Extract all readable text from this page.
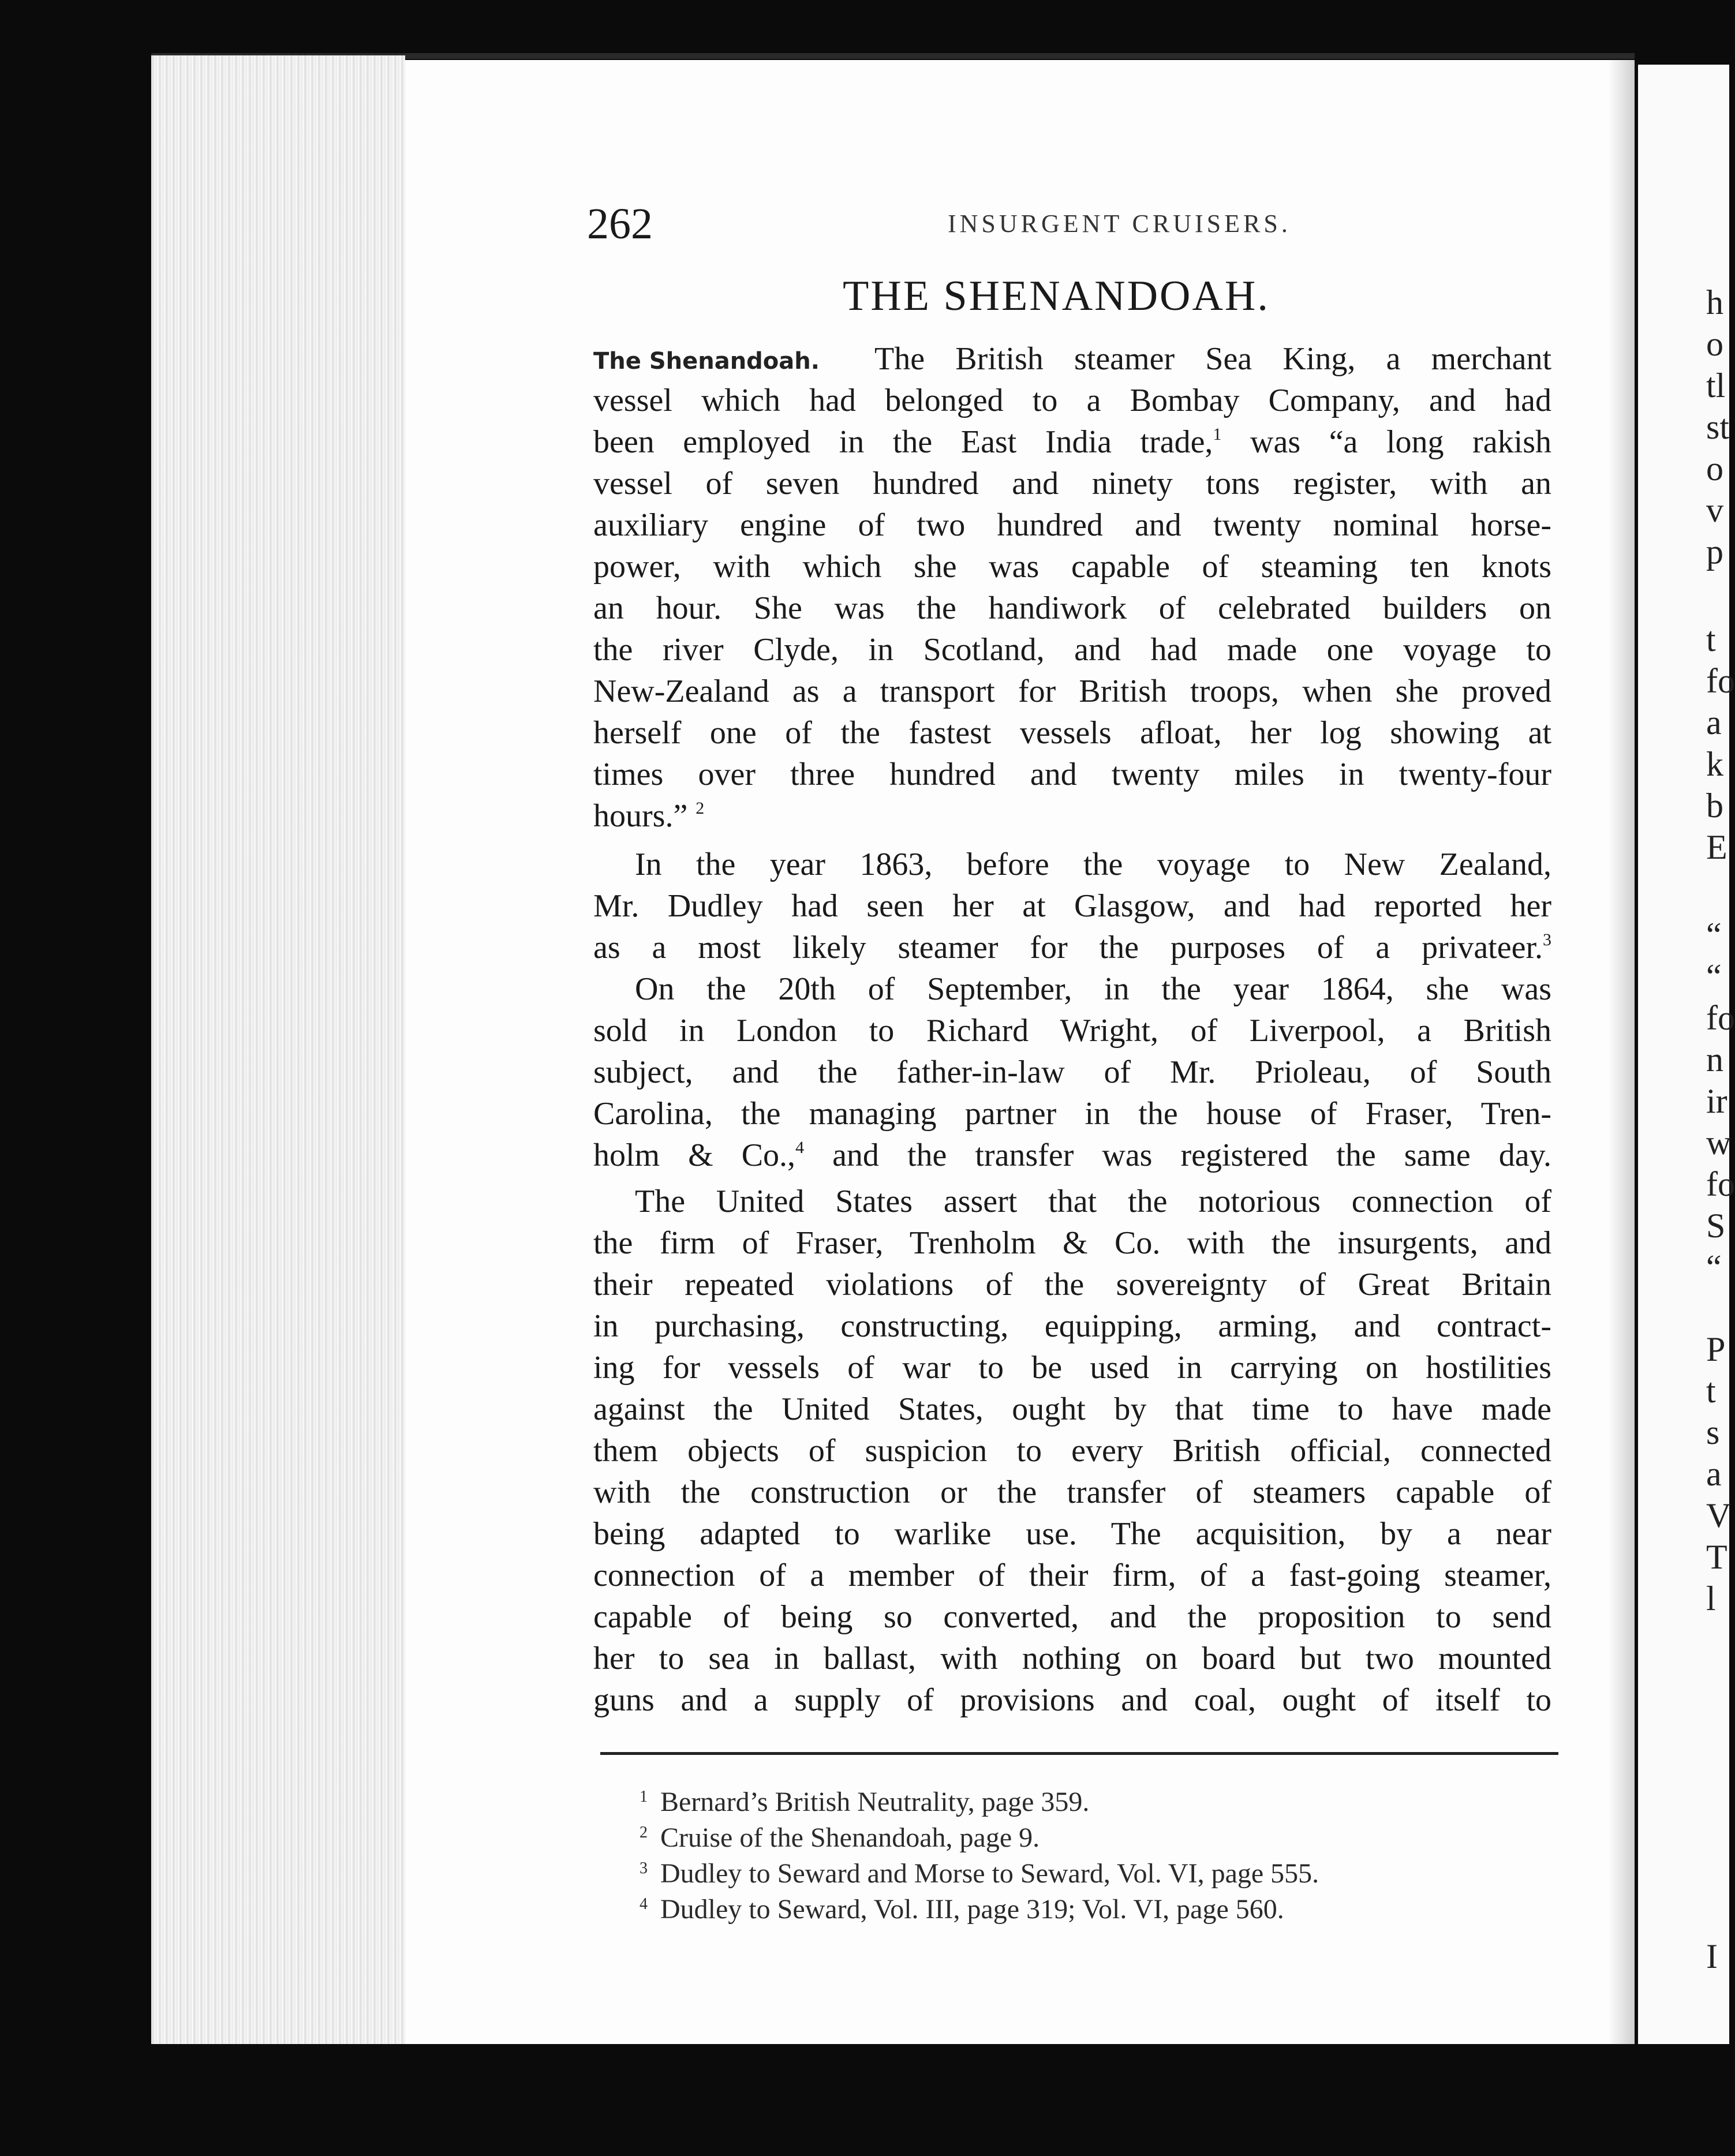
h
o
tl
st
o
v
p
t
fo
a
k
b
E
“
“
fo
n
ir
w
fo
S
“
P
t
s
a
V
T
l
I
262	INSURGENT CRUISERS.
THE SHENANDOAH.
The Shenandoah. The British steamer Sea King, a merchant
vessel which had belonged to a Bombay Company, and had
been employed in the East India trade,$^1$ was “a long rakish
vessel of seven hundred and ninety tons register, with an
auxiliary engine of two hundred and twenty nominal horse-
power, with which she was capable of steaming ten knots
an hour. She was the handiwork of celebrated builders on
the river Clyde, in Scotland, and had made one voyage to
New-Zealand as a transport for British troops, when she proved
herself one of the fastest vessels afloat, her log showing at
times over three hundred and twenty miles in twenty-four
hours.” $^2$
In the year 1863, before the voyage to New Zealand,
Mr. Dudley had seen her at Glasgow, and had reported her
as a most likely steamer for the purposes of a privateer.$^3$
On the 20th of September, in the year 1864, she was
sold in London to Richard Wright, of Liverpool, a British
subject, and the father-in-law of Mr. Prioleau, of South
Carolina, the managing partner in the house of Fraser, Tren-
holm & Co.,$^4$ and the transfer was registered the same day.
The United States assert that the notorious connection of
the firm of Fraser, Trenholm & Co. with the insurgents, and
their repeated violations of the sovereignty of Great Britain
in purchasing, constructing, equipping, arming, and contract-
ing for vessels of war to be used in carrying on hostilities
against the United States, ought by that time to have made
them objects of suspicion to every British official, connected
with the construction or the transfer of steamers capable of
being adapted to warlike use. The acquisition, by a near
connection of a member of their firm, of a fast-going steamer,
capable of being so converted, and the proposition to send
her to sea in ballast, with nothing on board but two mounted
guns and a supply of provisions and coal, ought of itself to
$^1$ Bernard’s British Neutrality, page 359.
$^2$ Cruise of the Shenandoah, page 9.
$^3$ Dudley to Seward and Morse to Seward, Vol. VI, page 555.
$^4$ Dudley to Seward, Vol. III, page 319; Vol. VI, page 560.
